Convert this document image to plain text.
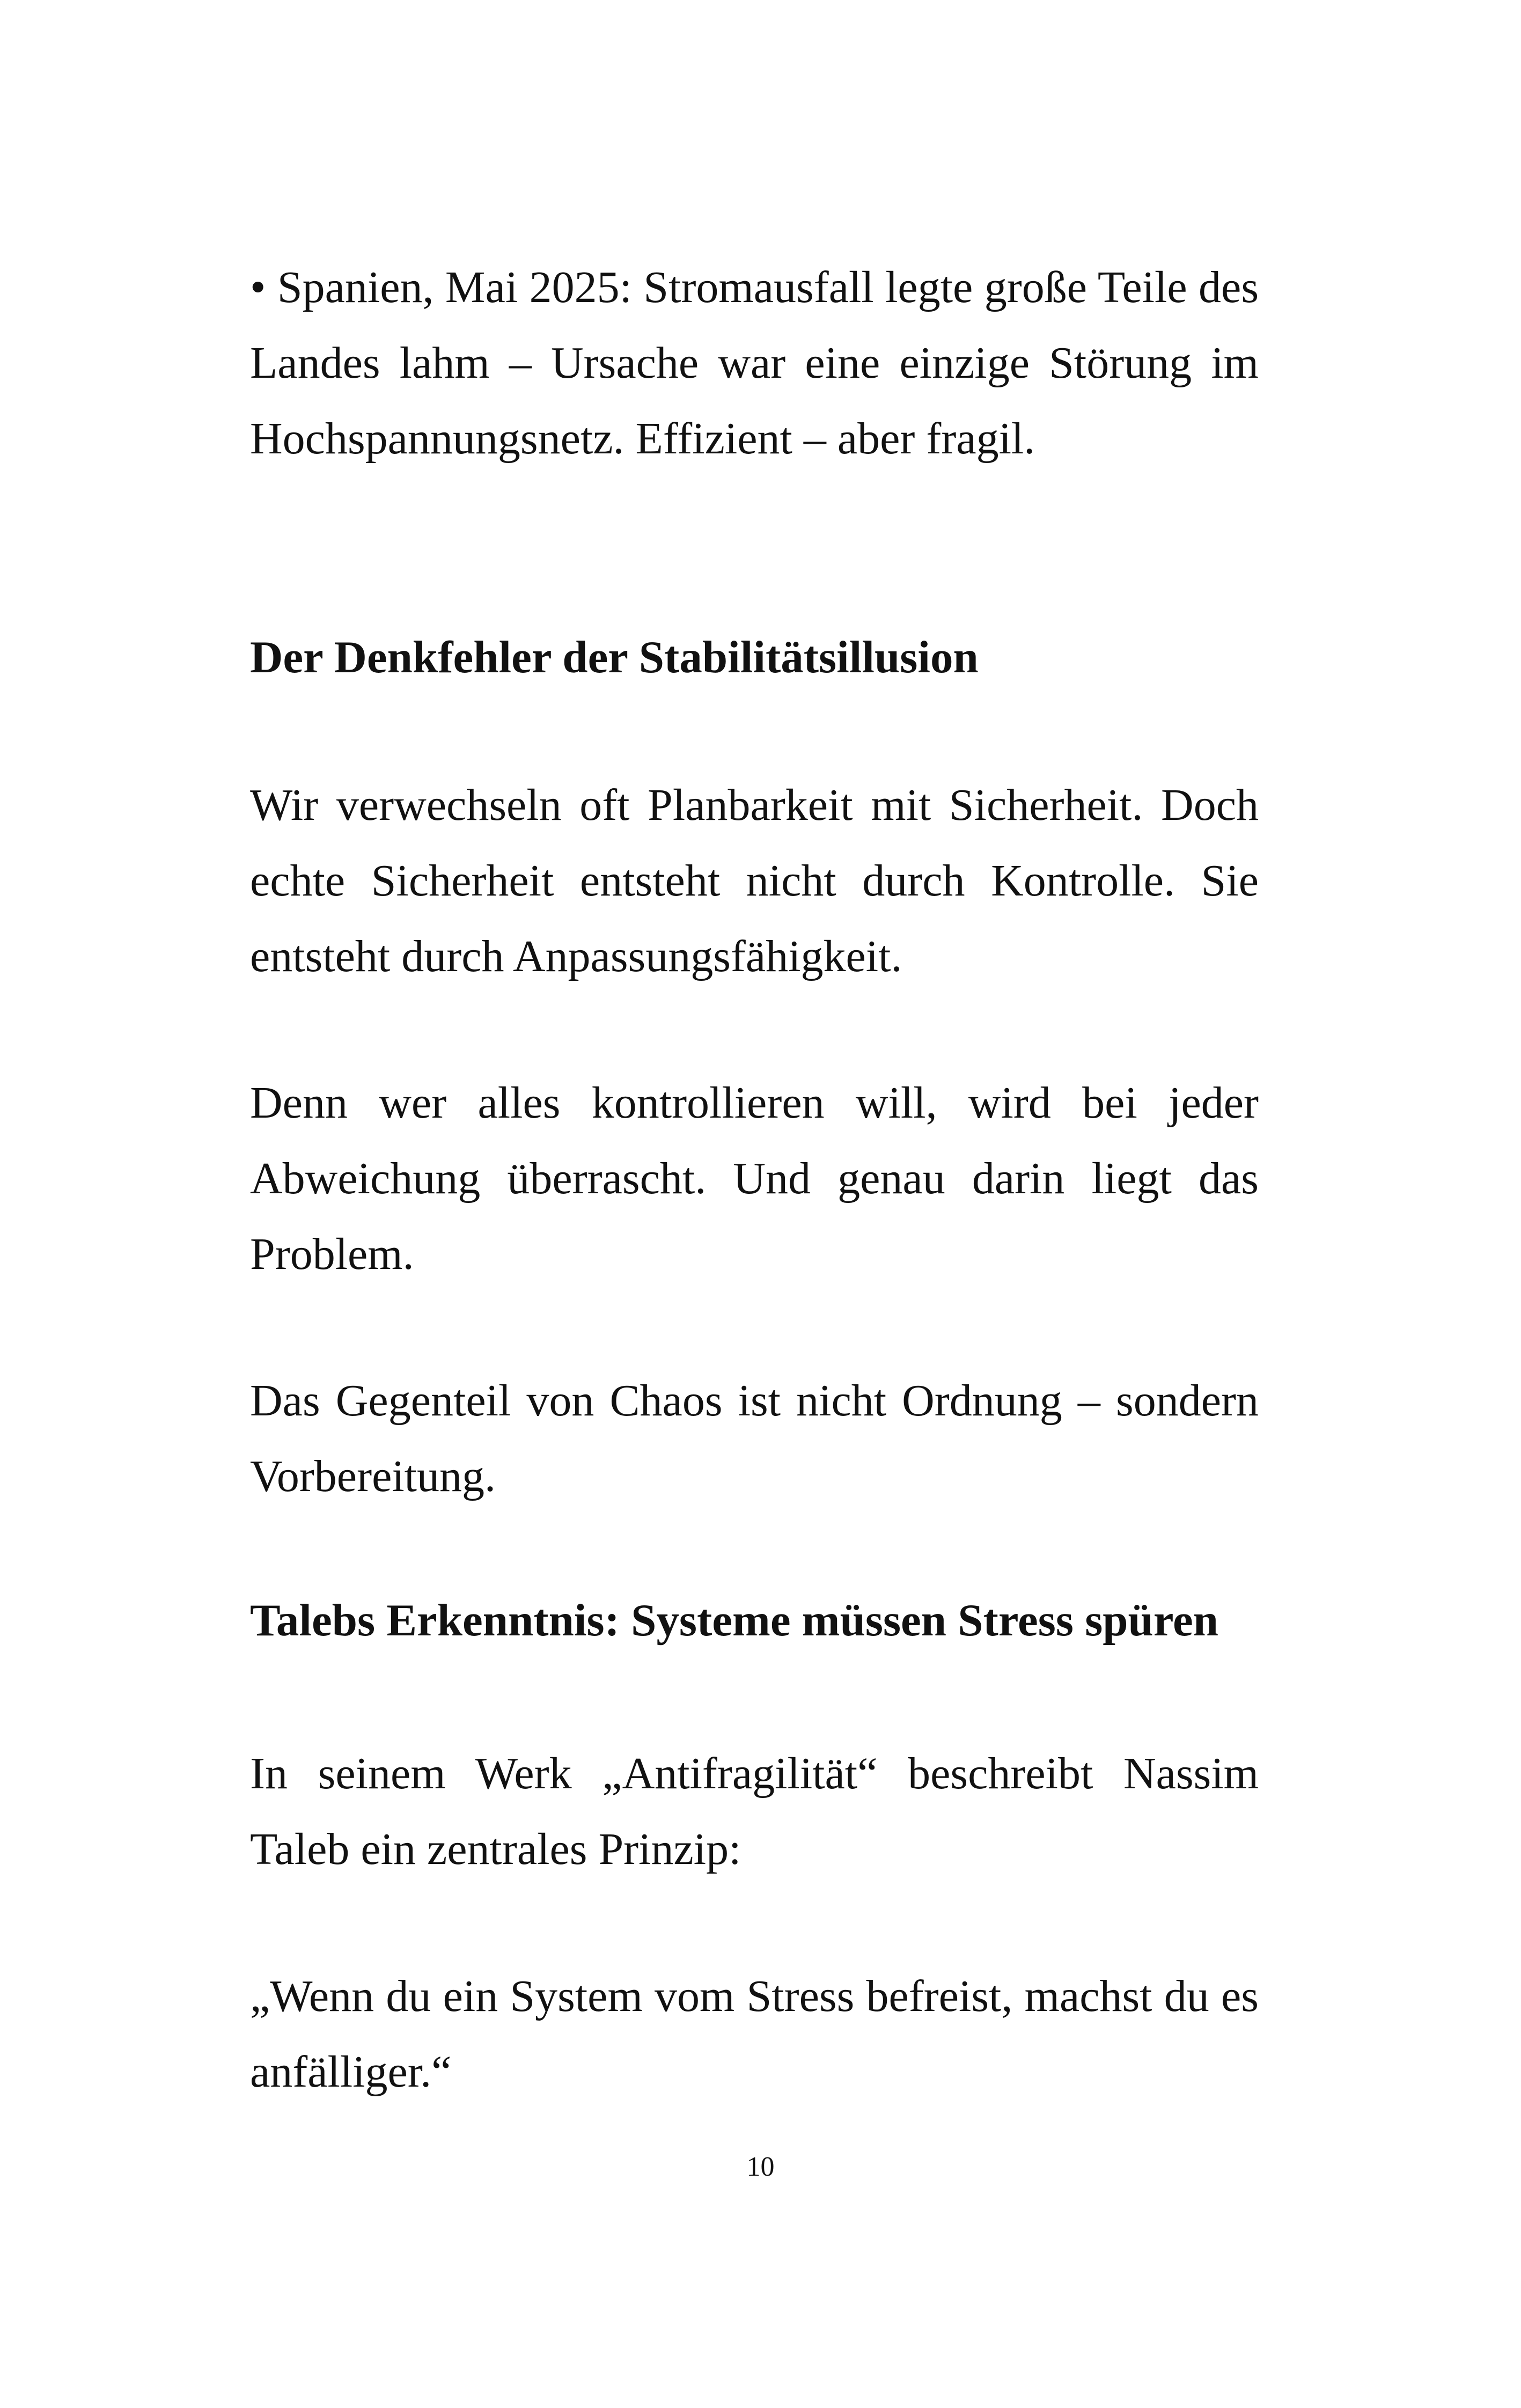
• Spanien, Mai 2025: Stromausfall legte große Teile des Landes lahm – Ursache war eine einzige Störung im Hochspannungsnetz. Effizient – aber fragil.

Der Denkfehler der Stabilitätsillusion

Wir verwechseln oft Planbarkeit mit Sicherheit. Doch echte Sicherheit entsteht nicht durch Kontrolle. Sie entsteht durch Anpassungsfähigkeit.

Denn wer alles kontrollieren will, wird bei jeder Abweichung überrascht. Und genau darin liegt das Problem.

Das Gegenteil von Chaos ist nicht Ordnung – sondern Vorbereitung.

Talebs Erkenntnis: Systeme müssen Stress spüren

In seinem Werk „Antifragilität“ beschreibt Nassim Taleb ein zentrales Prinzip:

„Wenn du ein System vom Stress befreist, machst du es anfälliger.“

10
